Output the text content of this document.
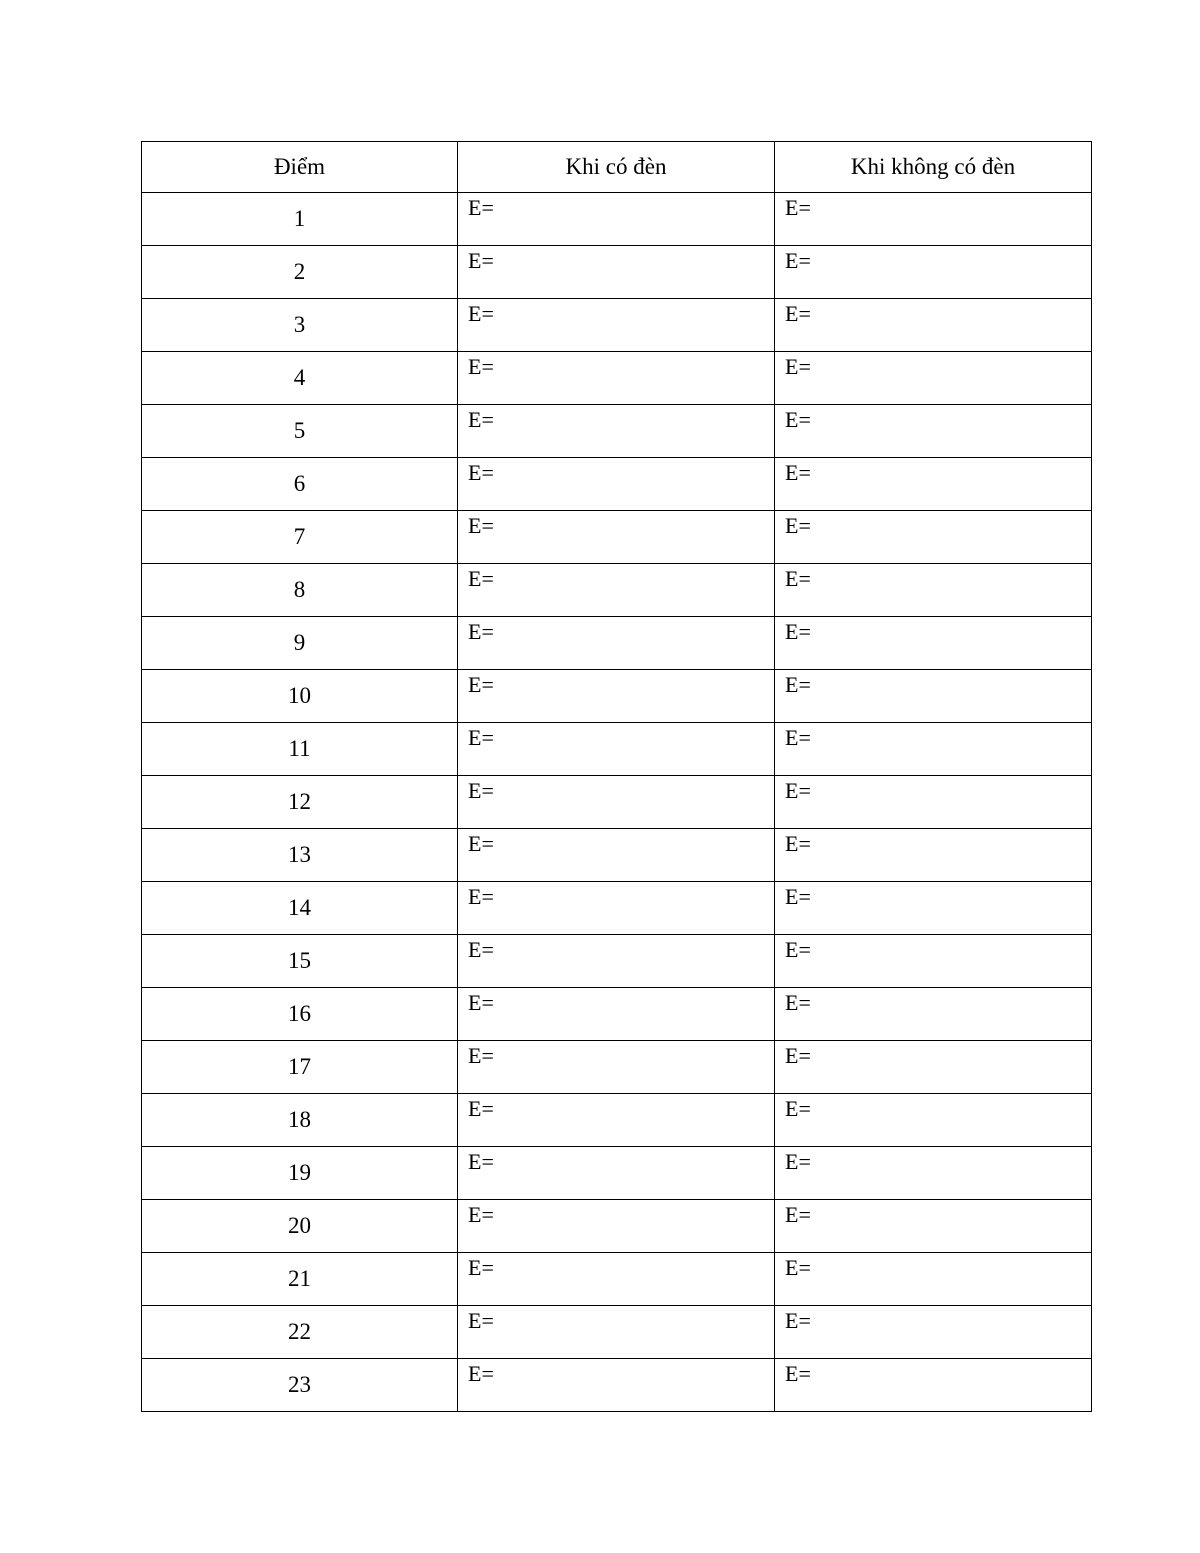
Điểm	Khi có đèn	Khi không có đèn
1	E=	E=
2	E=	E=
3	E=	E=
4	E=	E=
5	E=	E=
6	E=	E=
7	E=	E=
8	E=	E=
9	E=	E=
10	E=	E=
11	E=	E=
12	E=	E=
13	E=	E=
14	E=	E=
15	E=	E=
16	E=	E=
17	E=	E=
18	E=	E=
19	E=	E=
20	E=	E=
21	E=	E=
22	E=	E=
23	E=	E=
